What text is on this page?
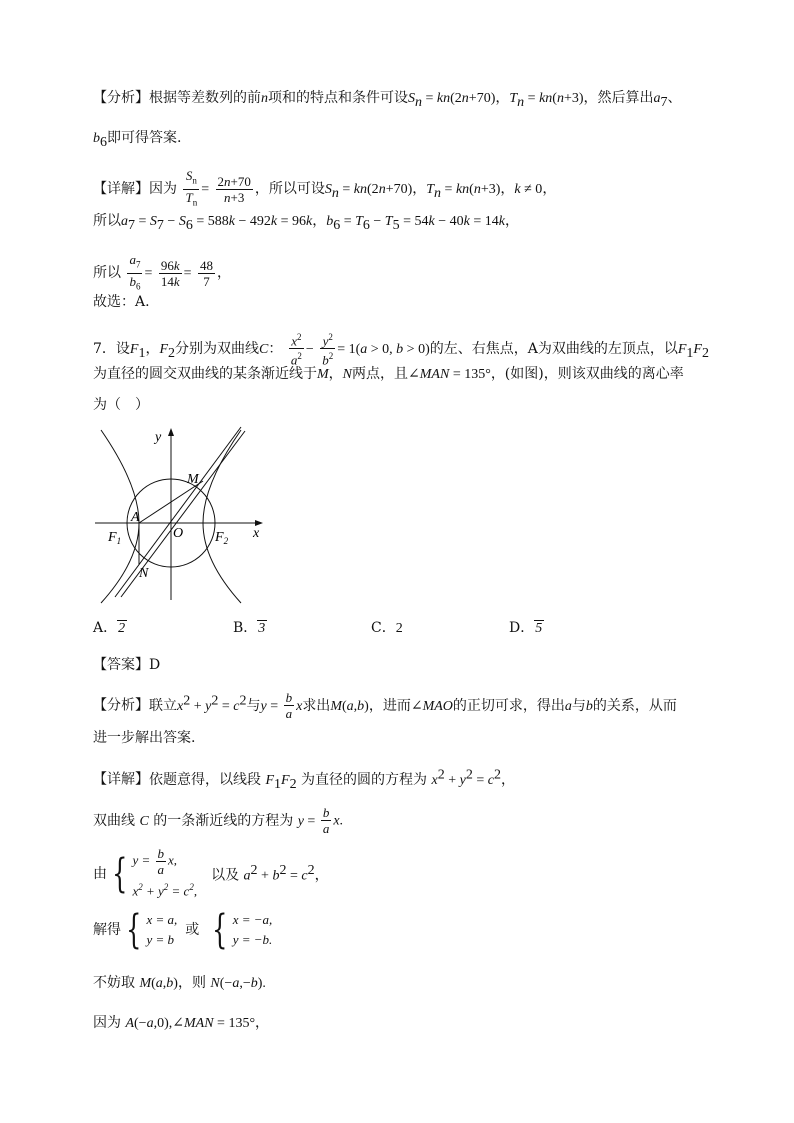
【分析】根据等差数列的前n项和的特点和条件可设$S_n = kn(2n+70)$，$T_n = kn(n+3)$，然后算出$a_7$、
$b_6$即可得答案.
【详解】因为 $\frac{S_n}{T_n} = \frac{2n+70}{n+3}$ ，所以可设$S_n = kn(2n+70)$，$T_n = kn(n+3)$，k ≠ 0，
所以$a_7 = S_7 - S_6 = 588k - 492k = 96k$，$b_6 = T_6 - T_5 = 54k - 40k = 14k$，
所以 $\frac{a_7}{b_6} = \frac{96k}{14k} = \frac{48}{7}$ ，
故选：A.
7．设$F_1$，$F_2$分别为双曲线C： $\frac{x^2}{a^2} - \frac{y^2}{b^2} = 1(a > 0$, b > 0)的左、右焦点，A为双曲线的左顶点，以$F_1F_2$
为直径的圆交双曲线的某条渐近线于M，N两点，且∠MAN = 135°，(如图)，则该双曲线的离心率
为（　）
y
M
A
$F_1$	O $F_2$ x
N
A．2	B．3	C．2	D．5
【答案】D
【分析】联立$x^2 + y^2 = c^2$与$y = \frac{b}{a}$ x求出M(a,b)，进而∠MAO的正切可求，得出a与b的关系，从而
进一步解出答案.
【详解】依题意得，以线段 $F_1F_2$ 为直径的圆的方程为 $x^2 + y^2 = c^2$，
双曲线 C 的一条渐近线的方程为 $y = \frac{b}{a} x$.
由 { $y = \frac{b}{a} x$,
$x^2 + y^2 = c^2$,
以及 $a^2 + b^2 = c^2$，
解得 { x = a,
y = b
或 { x = −a,
y = −b.
不妨取 M(a,b)，则 N(−a,−b).
因为 A(−a,0),∠MAN = 135°，
